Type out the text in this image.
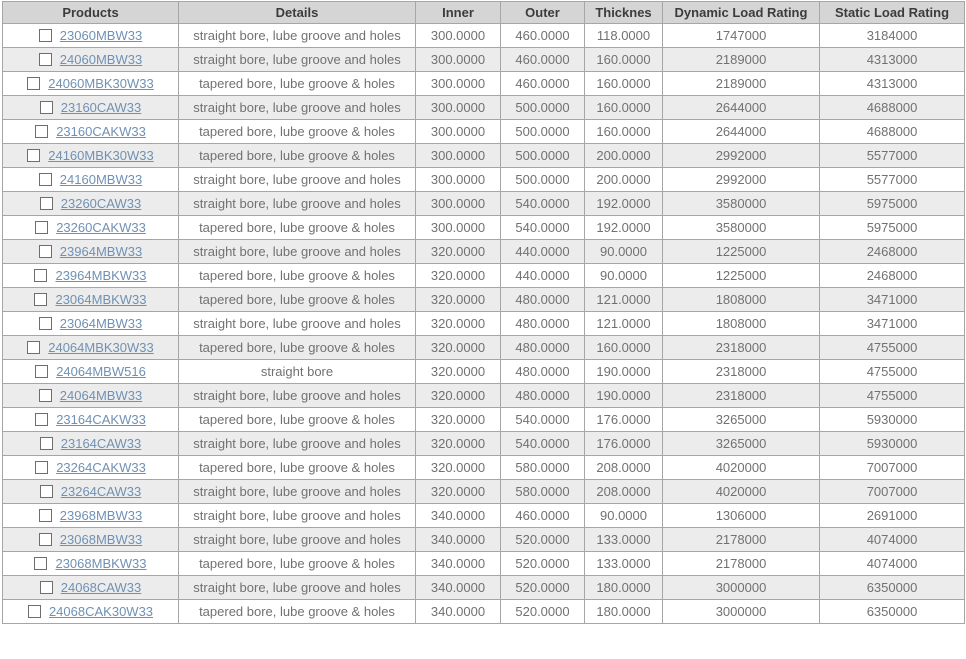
Products	Details	Inner	Outer	Thicknes	Dynamic Load Rating	Static Load Rating
23060MBW33	straight bore, lube groove and holes	300.0000	460.0000	118.0000	1747000	3184000
24060MBW33	straight bore, lube groove and holes	300.0000	460.0000	160.0000	2189000	4313000
24060MBK30W33	tapered bore, lube groove & holes	300.0000	460.0000	160.0000	2189000	4313000
23160CAW33	straight bore, lube groove and holes	300.0000	500.0000	160.0000	2644000	4688000
23160CAKW33	tapered bore, lube groove & holes	300.0000	500.0000	160.0000	2644000	4688000
24160MBK30W33	tapered bore, lube groove & holes	300.0000	500.0000	200.0000	2992000	5577000
24160MBW33	straight bore, lube groove and holes	300.0000	500.0000	200.0000	2992000	5577000
23260CAW33	straight bore, lube groove and holes	300.0000	540.0000	192.0000	3580000	5975000
23260CAKW33	tapered bore, lube groove & holes	300.0000	540.0000	192.0000	3580000	5975000
23964MBW33	straight bore, lube groove and holes	320.0000	440.0000	90.0000	1225000	2468000
23964MBKW33	tapered bore, lube groove & holes	320.0000	440.0000	90.0000	1225000	2468000
23064MBKW33	tapered bore, lube groove & holes	320.0000	480.0000	121.0000	1808000	3471000
23064MBW33	straight bore, lube groove and holes	320.0000	480.0000	121.0000	1808000	3471000
24064MBK30W33	tapered bore, lube groove & holes	320.0000	480.0000	160.0000	2318000	4755000
24064MBW516	straight bore	320.0000	480.0000	190.0000	2318000	4755000
24064MBW33	straight bore, lube groove and holes	320.0000	480.0000	190.0000	2318000	4755000
23164CAKW33	tapered bore, lube groove & holes	320.0000	540.0000	176.0000	3265000	5930000
23164CAW33	straight bore, lube groove and holes	320.0000	540.0000	176.0000	3265000	5930000
23264CAKW33	tapered bore, lube groove & holes	320.0000	580.0000	208.0000	4020000	7007000
23264CAW33	straight bore, lube groove and holes	320.0000	580.0000	208.0000	4020000	7007000
23968MBW33	straight bore, lube groove and holes	340.0000	460.0000	90.0000	1306000	2691000
23068MBW33	straight bore, lube groove and holes	340.0000	520.0000	133.0000	2178000	4074000
23068MBKW33	tapered bore, lube groove & holes	340.0000	520.0000	133.0000	2178000	4074000
24068CAW33	straight bore, lube groove and holes	340.0000	520.0000	180.0000	3000000	6350000
24068CAK30W33	tapered bore, lube groove & holes	340.0000	520.0000	180.0000	3000000	6350000
